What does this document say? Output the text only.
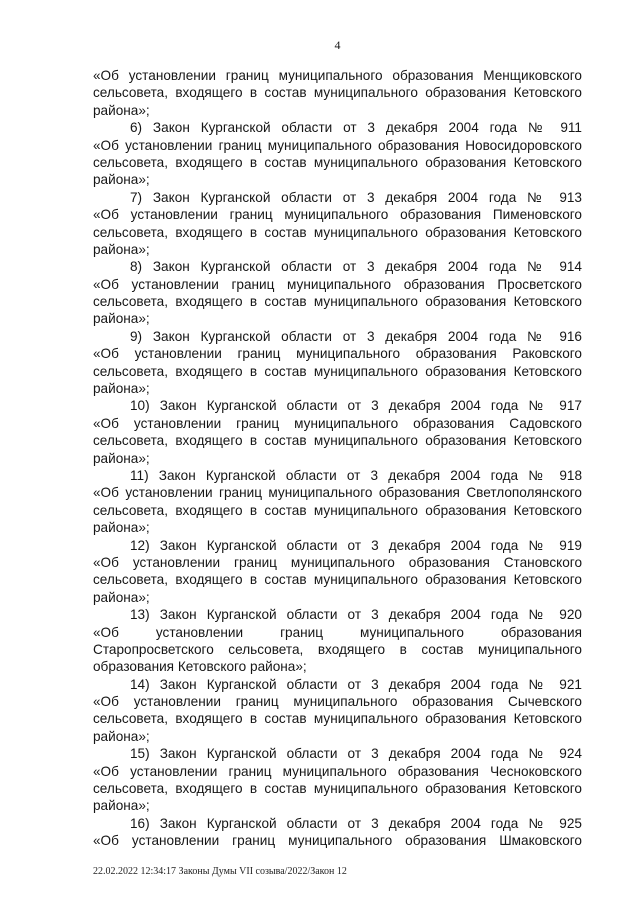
4
«Об установлении границ муниципального образования Менщиковского
сельсовета, входящего в состав муниципального образования Кетовского
района»;
6) Закон Курганской области от 3 декабря 2004 года № 911
«Об установлении границ муниципального образования Новосидоровского
сельсовета, входящего в состав муниципального образования Кетовского
района»;
7) Закон Курганской области от 3 декабря 2004 года № 913
«Об установлении границ муниципального образования Пименовского
сельсовета, входящего в состав муниципального образования Кетовского
района»;
8) Закон Курганской области от 3 декабря 2004 года № 914
«Об установлении границ муниципального образования Просветского
сельсовета, входящего в состав муниципального образования Кетовского
района»;
9) Закон Курганской области от 3 декабря 2004 года № 916
«Об установлении границ муниципального образования Раковского
сельсовета, входящего в состав муниципального образования Кетовского
района»;
10) Закон Курганской области от 3 декабря 2004 года № 917
«Об установлении границ муниципального образования Садовского
сельсовета, входящего в состав муниципального образования Кетовского
района»;
11) Закон Курганской области от 3 декабря 2004 года № 918
«Об установлении границ муниципального образования Светлополянского
сельсовета, входящего в состав муниципального образования Кетовского
района»;
12) Закон Курганской области от 3 декабря 2004 года № 919
«Об установлении границ муниципального образования Становского
сельсовета, входящего в состав муниципального образования Кетовского
района»;
13) Закон Курганской области от 3 декабря 2004 года № 920
«Об установлении границ муниципального образования
Старопросветского сельсовета, входящего в состав муниципального
образования Кетовского района»;
14) Закон Курганской области от 3 декабря 2004 года № 921
«Об установлении границ муниципального образования Сычевского
сельсовета, входящего в состав муниципального образования Кетовского
района»;
15) Закон Курганской области от 3 декабря 2004 года № 924
«Об установлении границ муниципального образования Чесноковского
сельсовета, входящего в состав муниципального образования Кетовского
района»;
16) Закон Курганской области от 3 декабря 2004 года № 925
«Об установлении границ муниципального образования Шмаковского
22.02.2022 12:34:17 Законы Думы VII созыва/2022/Закон 12
